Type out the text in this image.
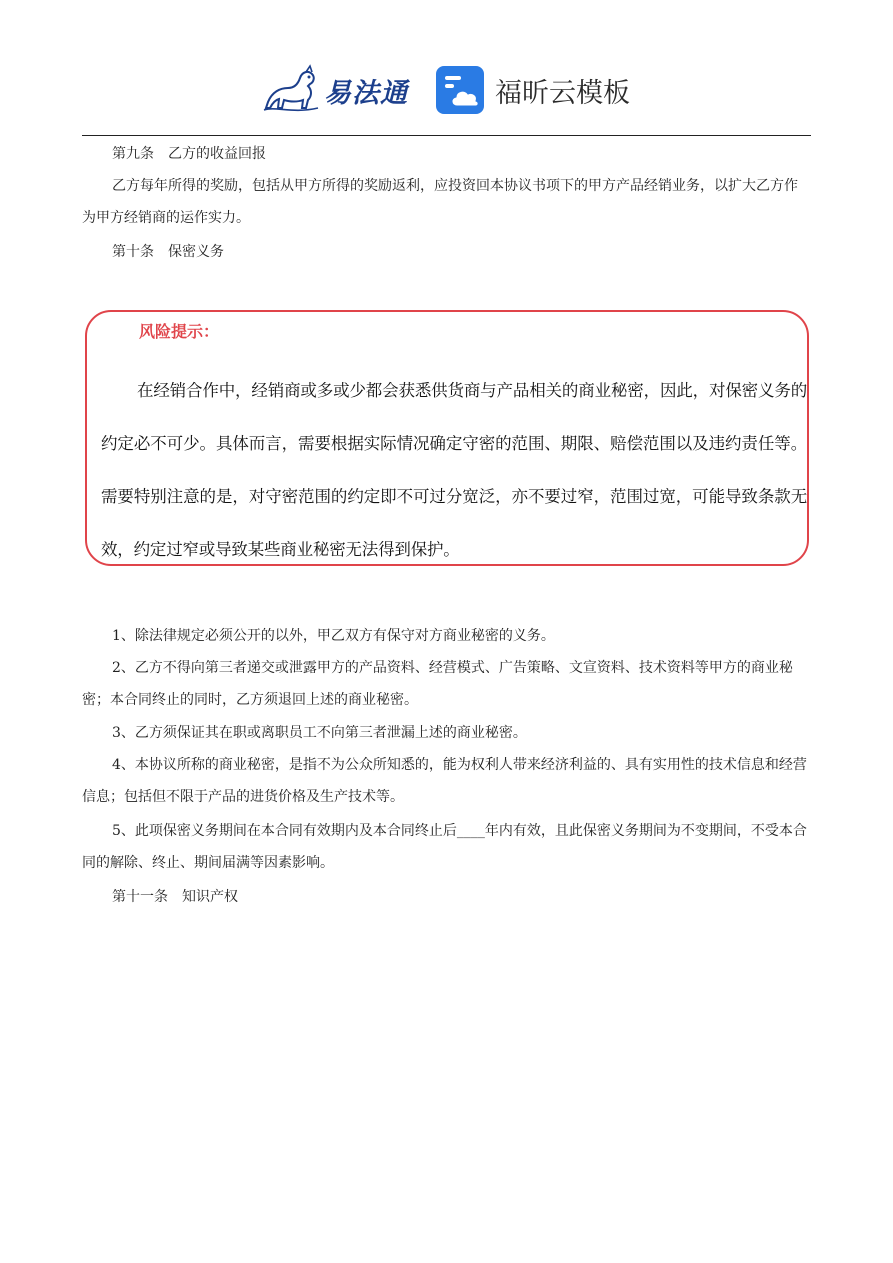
易法通	福昕云模板

第九条　乙方的收益回报

乙方每年所得的奖励，包括从甲方所得的奖励返利，应投资回本协议书项下的甲方产品经销业务，以扩大乙方作为甲方经销商的运作实力。

第十条　保密义务

风险提示：

在经销合作中，经销商或多或少都会获悉供货商与产品相关的商业秘密，因此，对保密义务的约定必不可少。具体而言，需要根据实际情况确定守密的范围、期限、赔偿范围以及违约责任等。需要特别注意的是，对守密范围的约定即不可过分宽泛，亦不要过窄，范围过宽，可能导致条款无效，约定过窄或导致某些商业秘密无法得到保护。

1、除法律规定必须公开的以外，甲乙双方有保守对方商业秘密的义务。

2、乙方不得向第三者递交或泄露甲方的产品资料、经营模式、广告策略、文宣资料、技术资料等甲方的商业秘密；本合同终止的同时，乙方须退回上述的商业秘密。

3、乙方须保证其在职或离职员工不向第三者泄漏上述的商业秘密。

4、本协议所称的商业秘密，是指不为公众所知悉的，能为权利人带来经济利益的、具有实用性的技术信息和经营信息；包括但不限于产品的进货价格及生产技术等。

5、此项保密义务期间在本合同有效期内及本合同终止后____年内有效，且此保密义务期间为不变期间，不受本合同的解除、终止、期间届满等因素影响。

第十一条　知识产权
